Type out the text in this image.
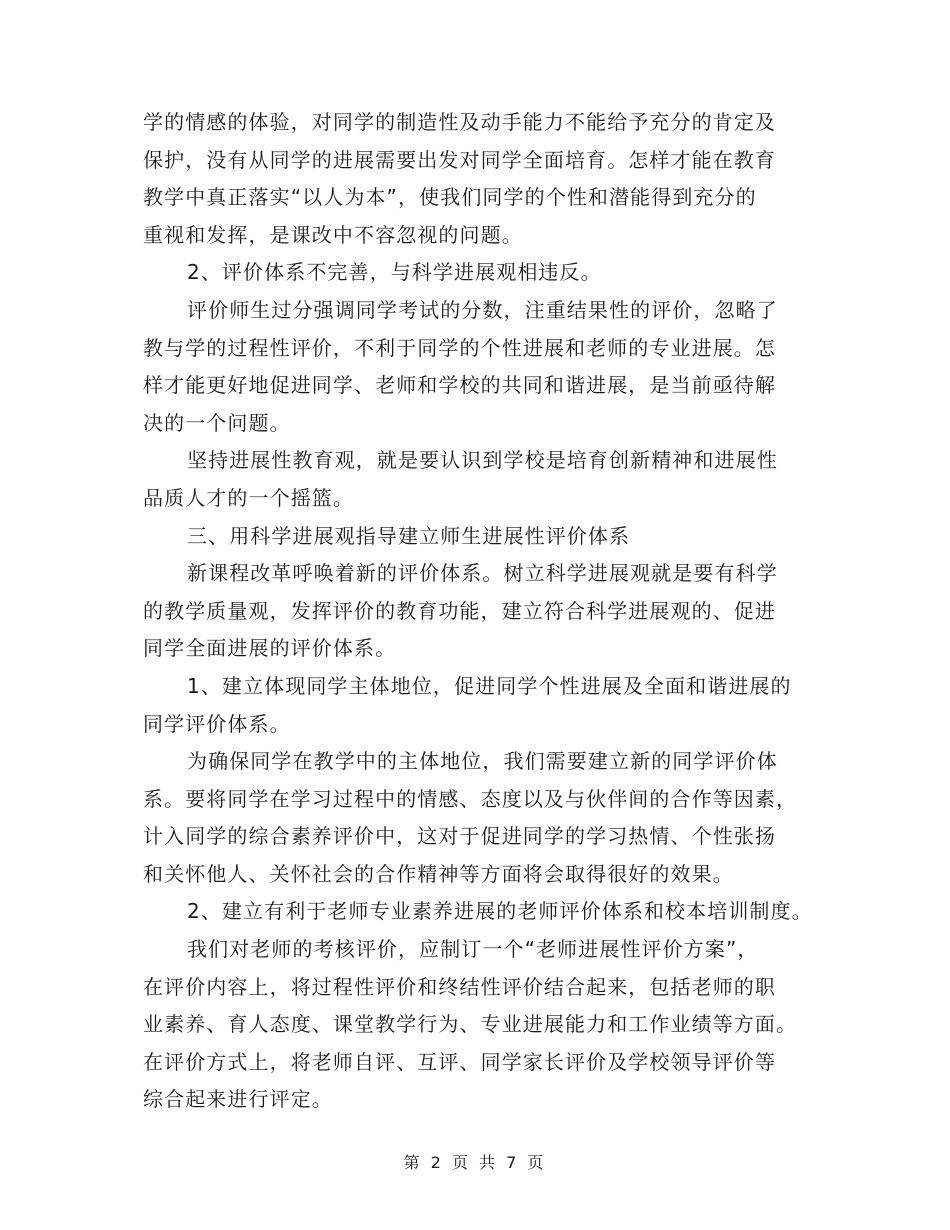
学的情感的体验，对同学的制造性及动手能力不能给予充分的肯定及
保护，没有从同学的进展需要出发对同学全面培育。怎样才能在教育
教学中真正落实“以人为本”，使我们同学的个性和潜能得到充分的
重视和发挥，是课改中不容忽视的问题。
2、评价体系不完善，与科学进展观相违反。
评价师生过分强调同学考试的分数，注重结果性的评价，忽略了
教与学的过程性评价，不利于同学的个性进展和老师的专业进展。怎
样才能更好地促进同学、老师和学校的共同和谐进展，是当前亟待解
决的一个问题。
坚持进展性教育观，就是要认识到学校是培育创新精神和进展性
品质人才的一个摇篮。
三、用科学进展观指导建立师生进展性评价体系
新课程改革呼唤着新的评价体系。树立科学进展观就是要有科学
的教学质量观，发挥评价的教育功能，建立符合科学进展观的、促进
同学全面进展的评价体系。
1、建立体现同学主体地位，促进同学个性进展及全面和谐进展的
同学评价体系。
为确保同学在教学中的主体地位，我们需要建立新的同学评价体
系。要将同学在学习过程中的情感、态度以及与伙伴间的合作等因素，
计入同学的综合素养评价中，这对于促进同学的学习热情、个性张扬
和关怀他人、关怀社会的合作精神等方面将会取得很好的效果。
2、建立有利于老师专业素养进展的老师评价体系和校本培训制度。
我们对老师的考核评价，应制订一个“老师进展性评价方案”，
在评价内容上，将过程性评价和终结性评价结合起来，包括老师的职
业素养、育人态度、课堂教学行为、专业进展能力和工作业绩等方面。
在评价方式上，将老师自评、互评、同学家长评价及学校领导评价等
综合起来进行评定。
第 2 页 共 7 页
